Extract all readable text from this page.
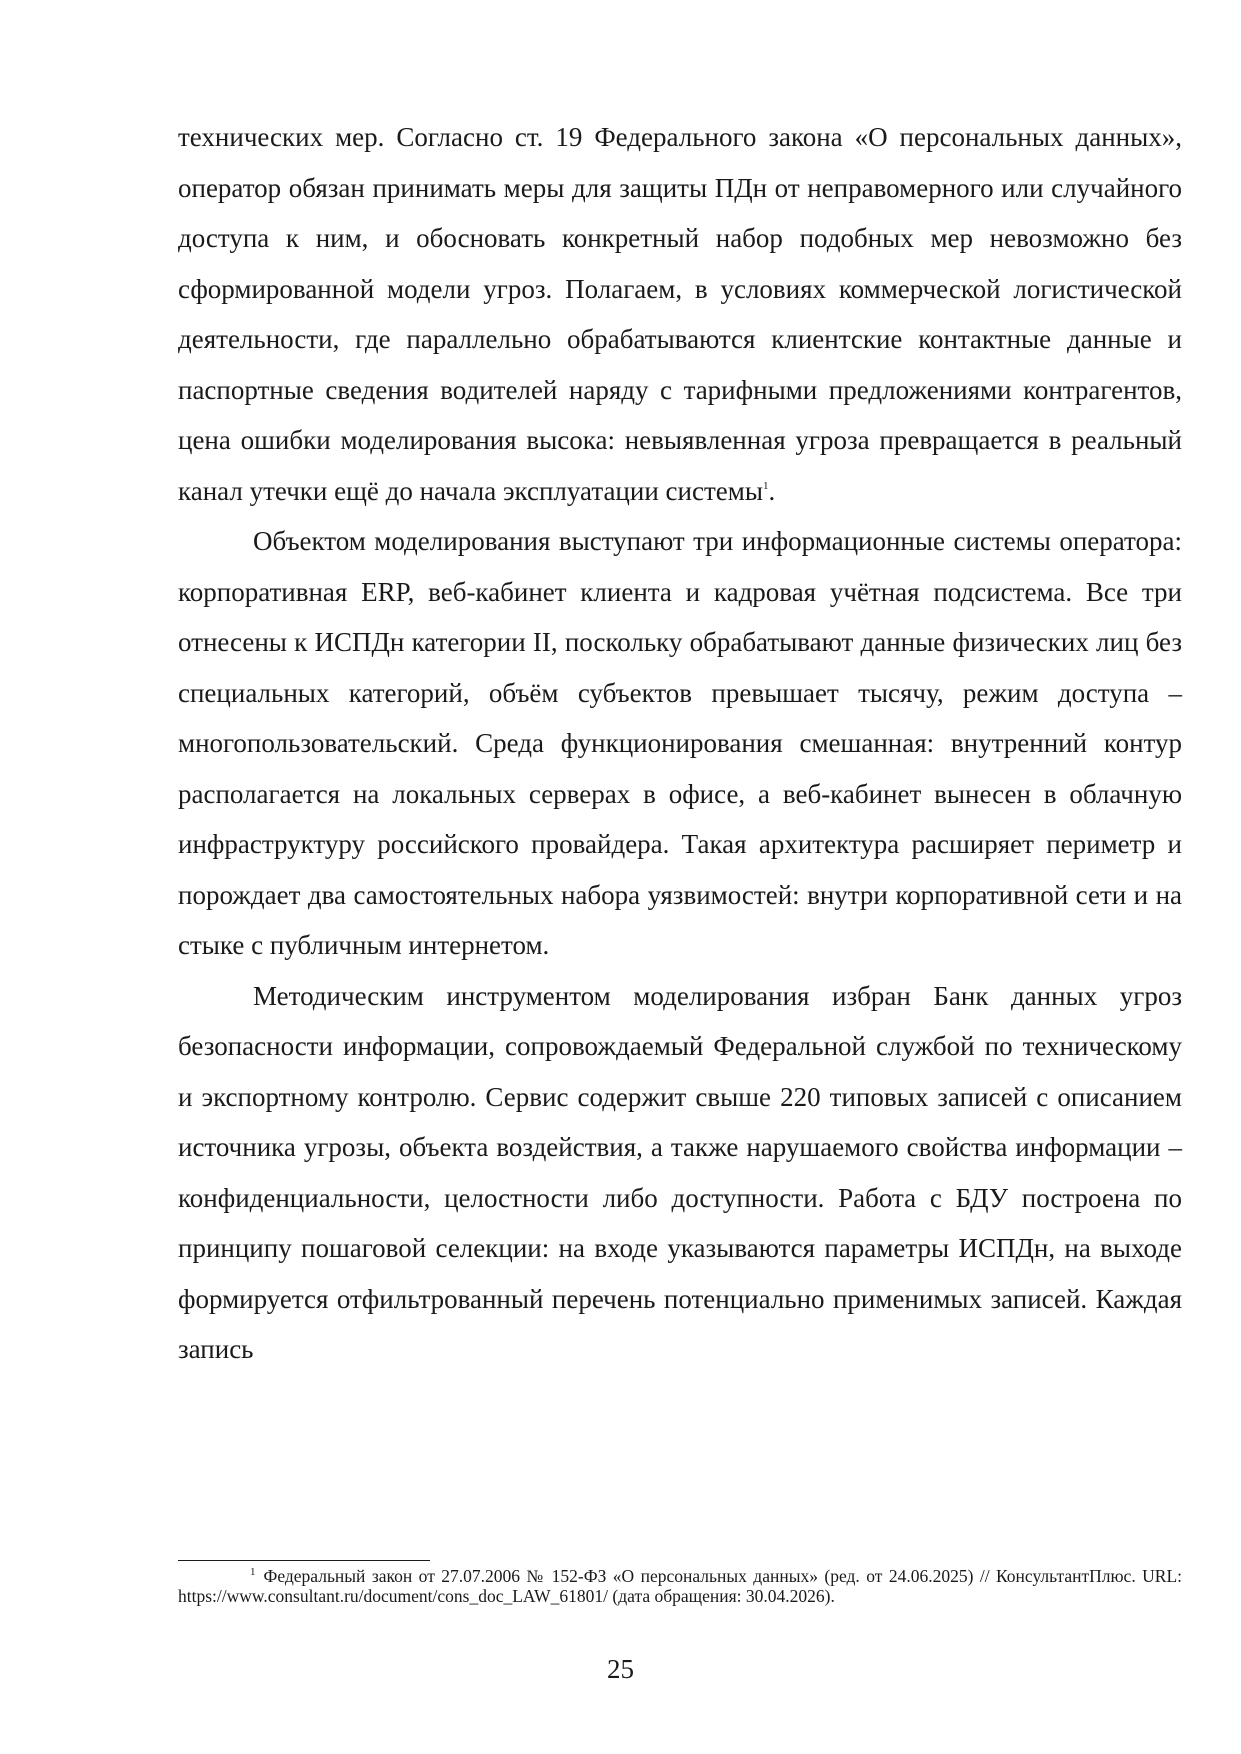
технических мер. Согласно ст. 19 Федерального закона «О персональных данных», оператор обязан принимать меры для защиты ПДн от неправомерного или случайного доступа к ним, и обосновать конкретный набор подобных мер невозможно без сформированной модели угроз. Полагаем, в условиях коммерческой логистической деятельности, где параллельно обрабатываются клиентские контактные данные и паспортные сведения водителей наряду с тарифными предложениями контрагентов, цена ошибки моделирования высока: невыявленная угроза превращается в реальный канал утечки ещё до начала эксплуатации системы$^1$.

Объектом моделирования выступают три информационные системы оператора: корпоративная ERP, веб-кабинет клиента и кадровая учётная подсистема. Все три отнесены к ИСПДн категории II, поскольку обрабатывают данные физических лиц без специальных категорий, объём субъектов превышает тысячу, режим доступа – многопользовательский. Среда функционирования смешанная: внутренний контур располагается на локальных серверах в офисе, а веб-кабинет вынесен в облачную инфраструктуру российского провайдера. Такая архитектура расширяет периметр и порождает два самостоятельных набора уязвимостей: внутри корпоративной сети и на стыке с публичным интернетом.

Методическим инструментом моделирования избран Банк данных угроз безопасности информации, сопровождаемый Федеральной службой по техническому и экспортному контролю. Сервис содержит свыше 220 типовых записей с описанием источника угрозы, объекта воздействия, а также нарушаемого свойства информации – конфиденциальности, целостности либо доступности. Работа с БДУ построена по принципу пошаговой селекции: на входе указываются параметры ИСПДн, на выходе формируется отфильтрованный перечень потенциально применимых записей. Каждая запись

$^1$ Федеральный закон от 27.07.2006 № 152-ФЗ «О персональных данных» (ред. от 24.06.2025) // КонсультантПлюс. URL: https://www.consultant.ru/document/cons_doc_LAW_61801/ (дата обращения: 30.04.2026).
25
